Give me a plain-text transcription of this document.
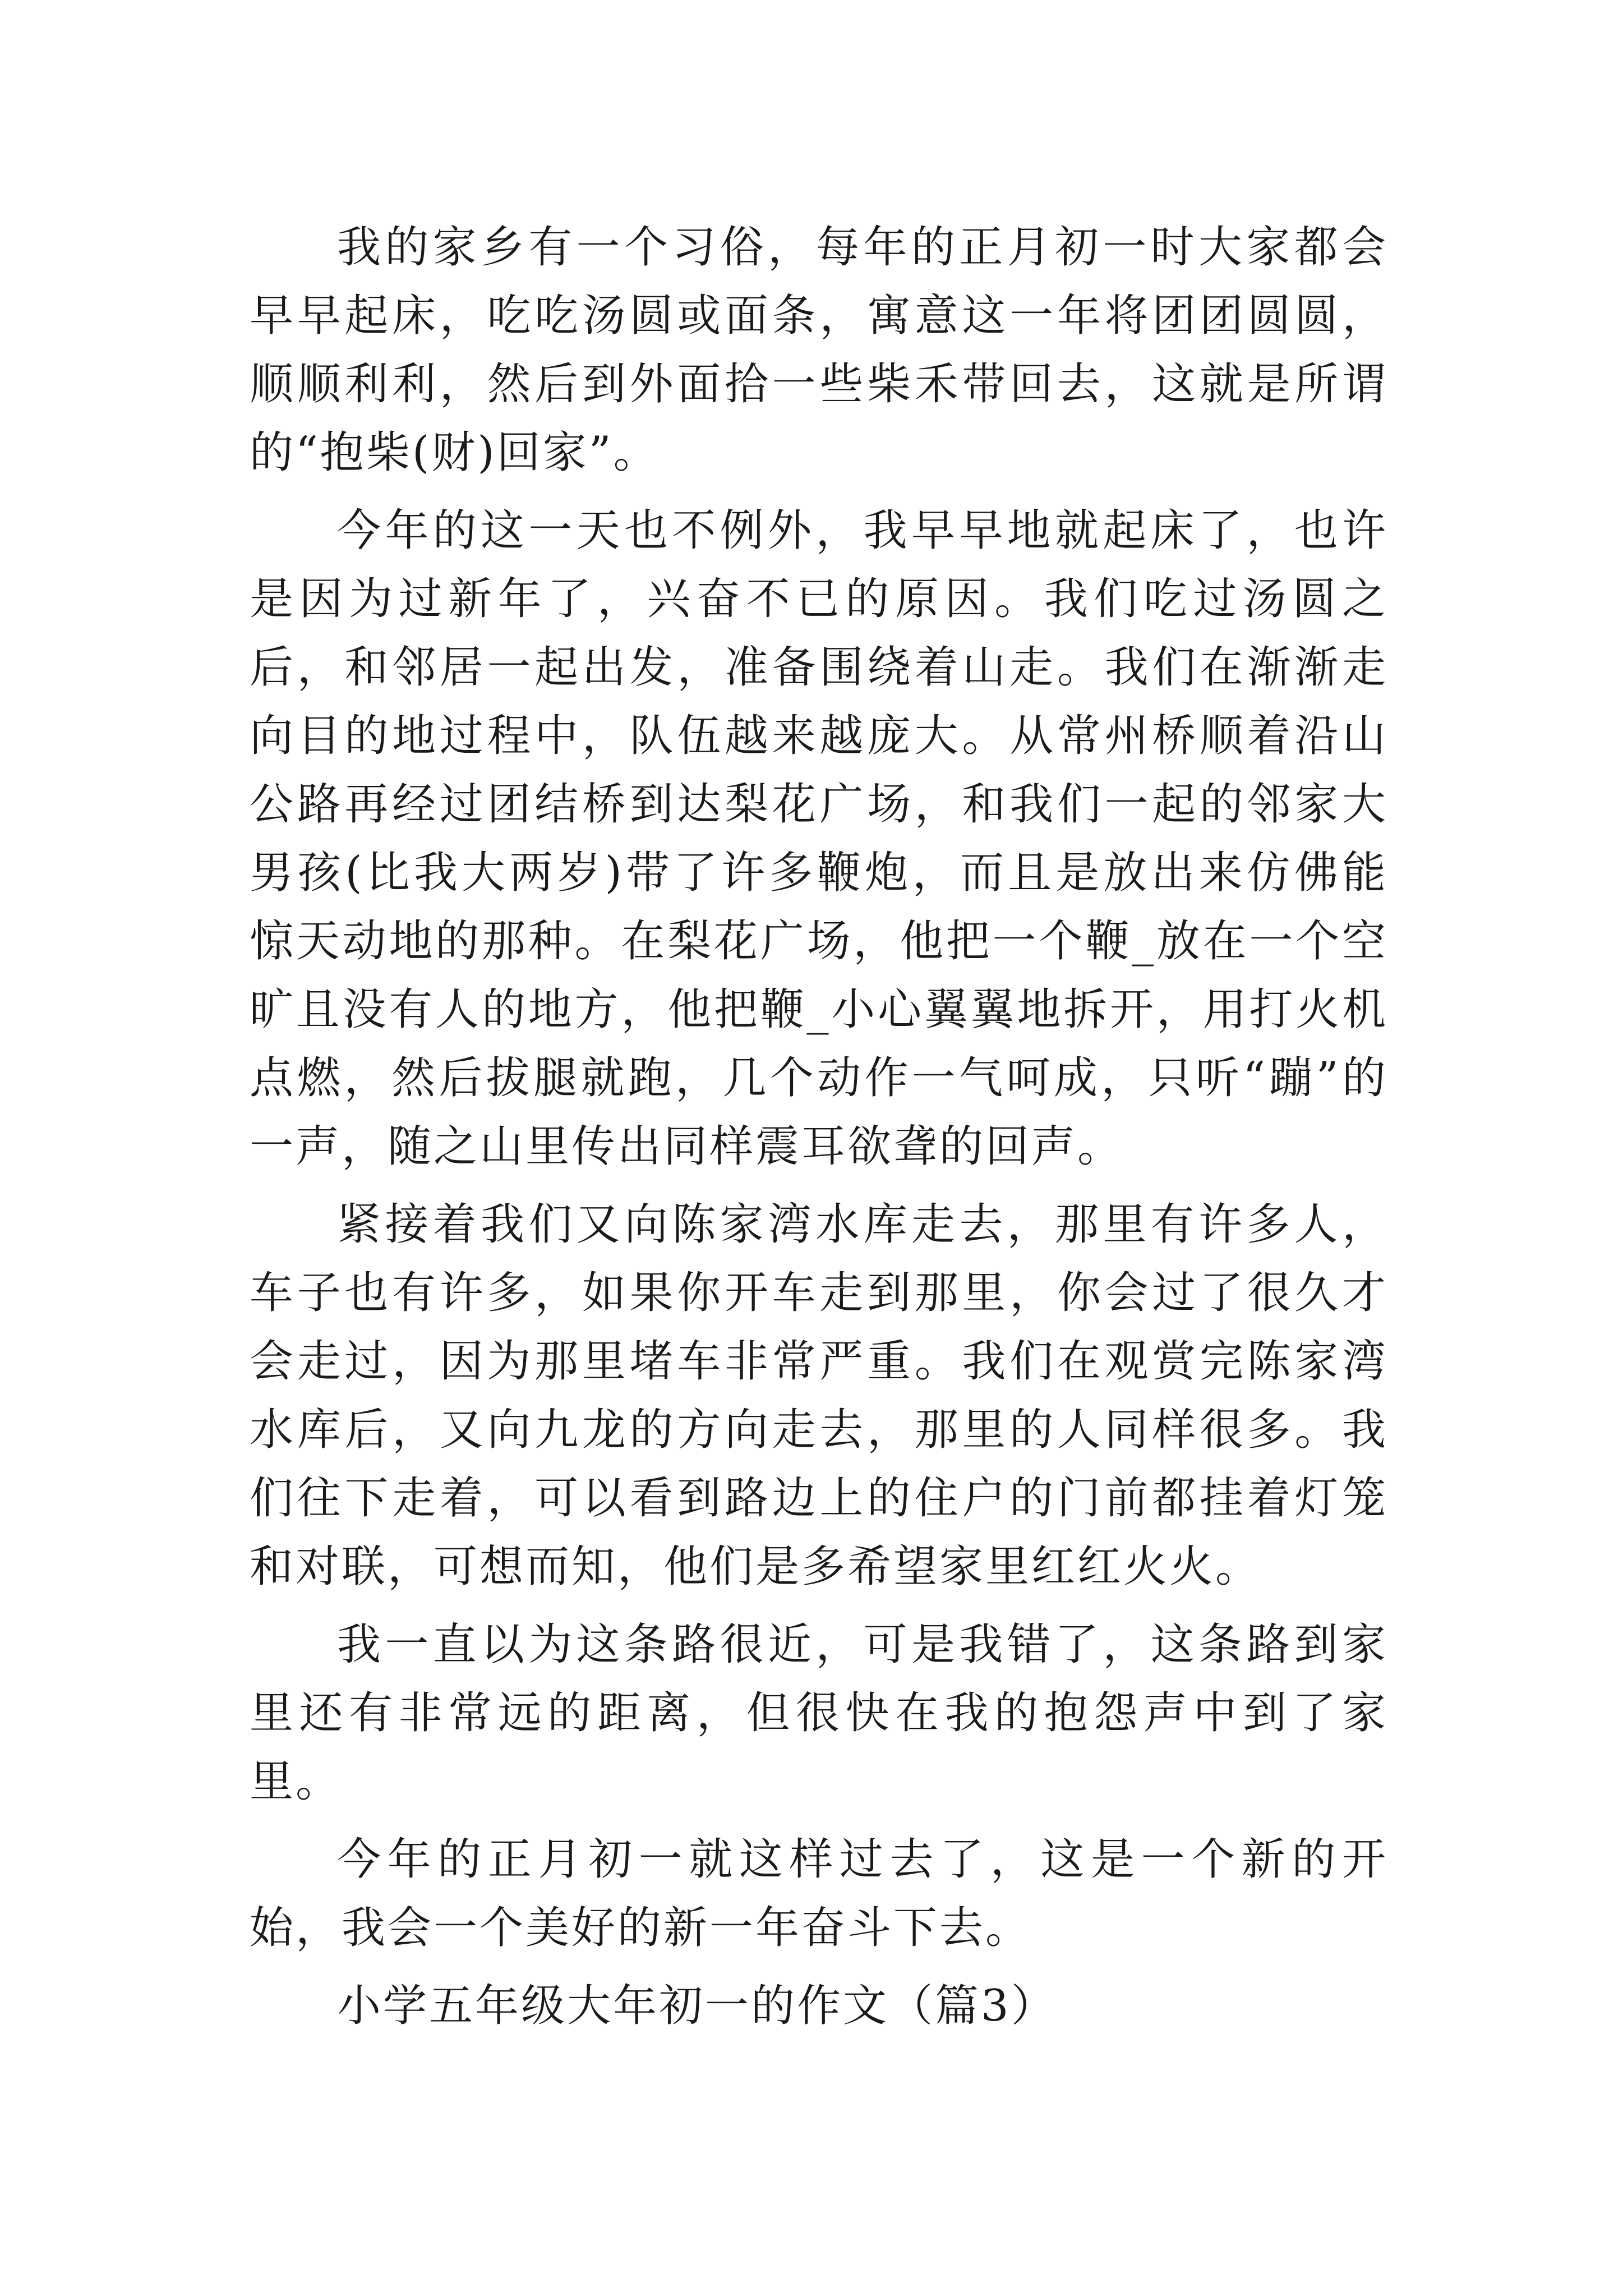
我的家乡有一个习俗，每年的正月初一时大家都会早早起床，吃吃汤圆或面条，寓意这一年将团团圆圆，顺顺利利，然后到外面拾一些柴禾带回去，这就是所谓的“抱柴(财)回家”。

今年的这一天也不例外，我早早地就起床了，也许是因为过新年了，兴奋不已的原因。我们吃过汤圆之后，和邻居一起出发，准备围绕着山走。我们在渐渐走向目的地过程中，队伍越来越庞大。从常州桥顺着沿山公路再经过团结桥到达梨花广场，和我们一起的邻家大男孩(比我大两岁)带了许多鞭炮，而且是放出来仿佛能惊天动地的那种。在梨花广场，他把一个鞭_放在一个空旷且没有人的地方，他把鞭_小心翼翼地拆开，用打火机点燃，然后拔腿就跑，几个动作一气呵成，只听“蹦”的一声，随之山里传出同样震耳欲聋的回声。

紧接着我们又向陈家湾水库走去，那里有许多人，车子也有许多，如果你开车走到那里，你会过了很久才会走过，因为那里堵车非常严重。我们在观赏完陈家湾水库后，又向九龙的方向走去，那里的人同样很多。我们往下走着，可以看到路边上的住户的门前都挂着灯笼和对联，可想而知，他们是多希望家里红红火火。

我一直以为这条路很近，可是我错了，这条路到家里还有非常远的距离，但很快在我的抱怨声中到了家里。

今年的正月初一就这样过去了，这是一个新的开始，我会一个美好的新一年奋斗下去。

小学五年级大年初一的作文（篇3）
